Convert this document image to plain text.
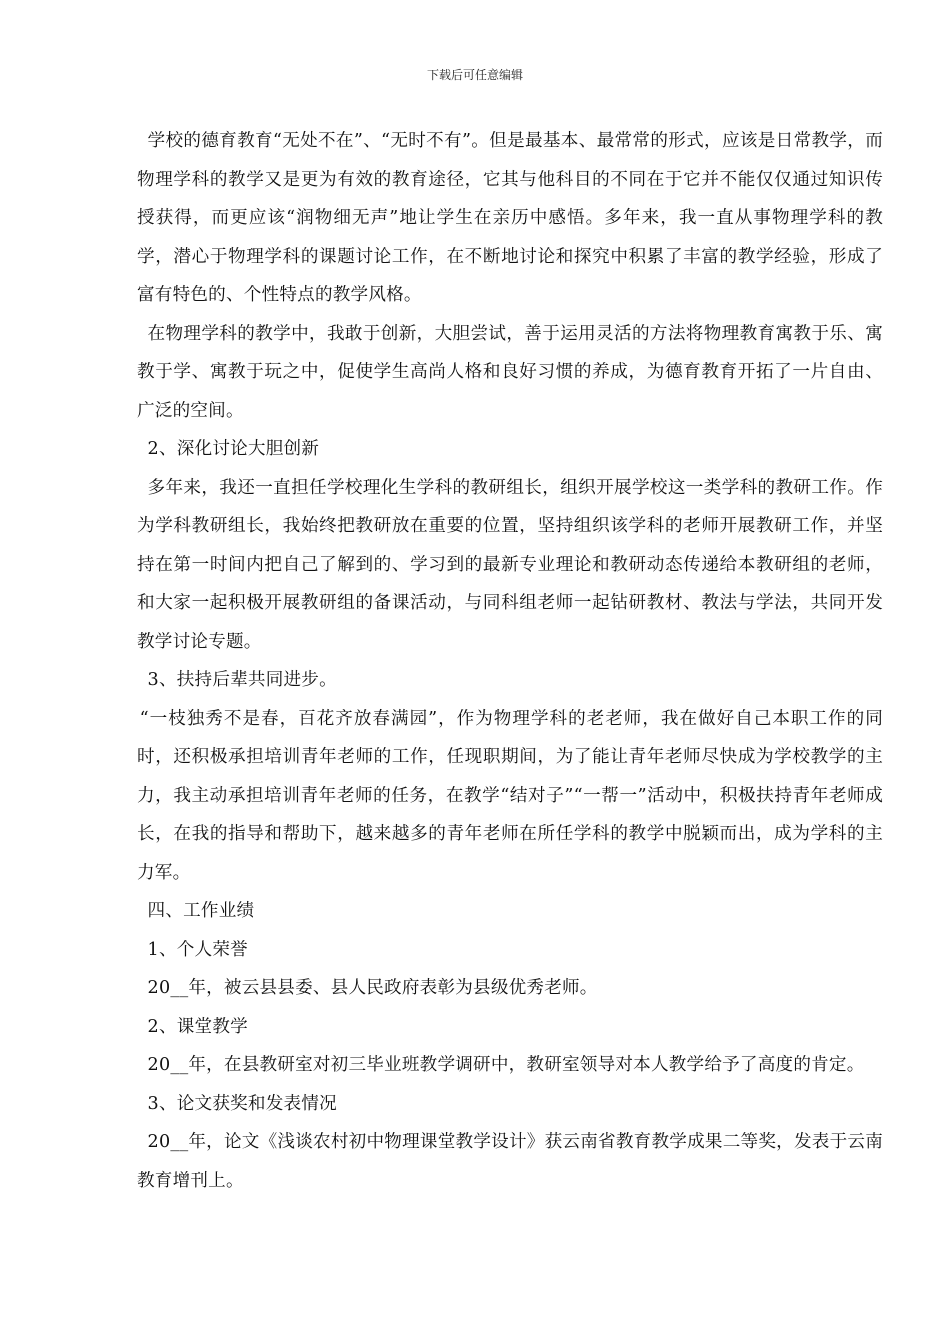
下载后可任意编辑

学校的德育教育“无处不在”、“无时不有”。但是最基本、最常常的形式，应该是日常教学，而物理学科的教学又是更为有效的教育途径，它其与他科目的不同在于它并不能仅仅通过知识传授获得，而更应该“润物细无声”地让学生在亲历中感悟。多年来，我一直从事物理学科的教学，潜心于物理学科的课题讨论工作，在不断地讨论和探究中积累了丰富的教学经验，形成了富有特色的、个性特点的教学风格。

在物理学科的教学中，我敢于创新，大胆尝试，善于运用灵活的方法将物理教育寓教于乐、寓教于学、寓教于玩之中，促使学生高尚人格和良好习惯的养成，为德育教育开拓了一片自由、广泛的空间。

2、深化讨论大胆创新

多年来，我还一直担任学校理化生学科的教研组长，组织开展学校这一类学科的教研工作。作为学科教研组长，我始终把教研放在重要的位置，坚持组织该学科的老师开展教研工作，并坚持在第一时间内把自己了解到的、学习到的最新专业理论和教研动态传递给本教研组的老师，和大家一起积极开展教研组的备课活动，与同科组老师一起钻研教材、教法与学法，共同开发教学讨论专题。

3、扶持后辈共同进步。

“一枝独秀不是春，百花齐放春满园”，作为物理学科的老老师，我在做好自己本职工作的同时，还积极承担培训青年老师的工作，任现职期间，为了能让青年老师尽快成为学校教学的主力，我主动承担培训青年老师的任务，在教学“结对子”“一帮一”活动中，积极扶持青年老师成长，在我的指导和帮助下，越来越多的青年老师在所任学科的教学中脱颖而出，成为学科的主力军。

四、工作业绩

1、个人荣誉

20__年，被云县县委、县人民政府表彰为县级优秀老师。

2、课堂教学

20__年，在县教研室对初三毕业班教学调研中，教研室领导对本人教学给予了高度的肯定。

3、论文获奖和发表情况

20__年，论文《浅谈农村初中物理课堂教学设计》获云南省教育教学成果二等奖，发表于云南教育增刊上。
